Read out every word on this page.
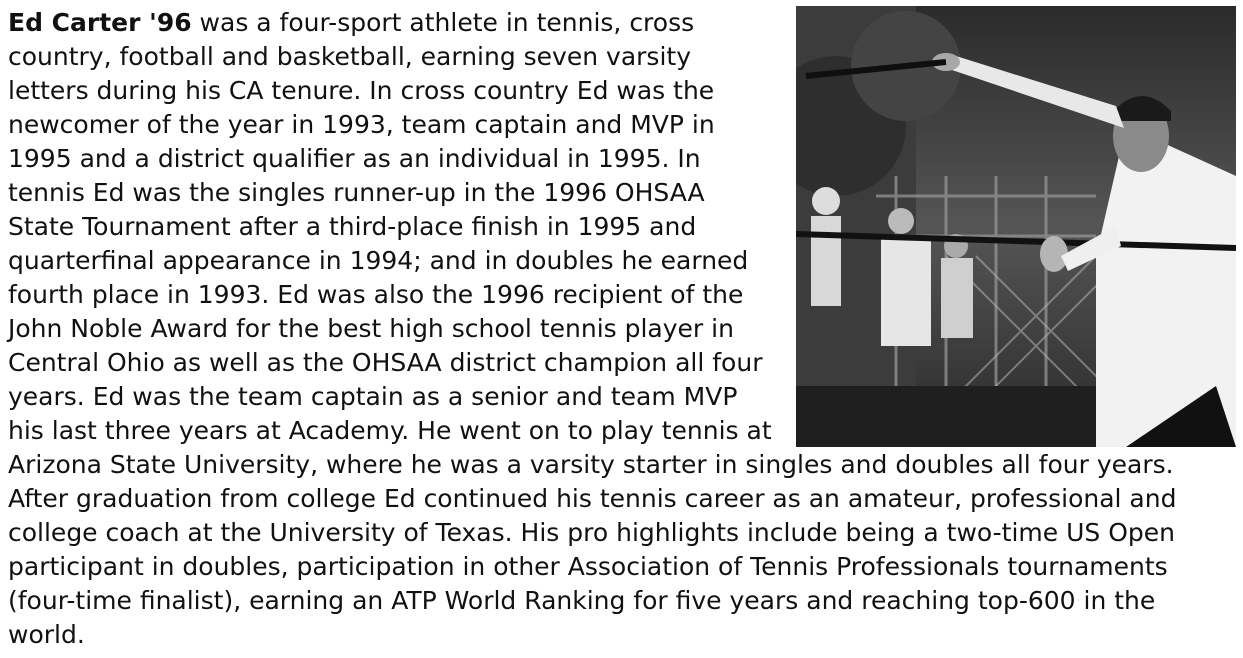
Ed Carter '96 was a four-sport athlete in tennis, cross country, football and basketball, earning seven varsity letters during his CA tenure. In cross country Ed was the newcomer of the year in 1993, team captain and MVP in 1995 and a district qualifier as an individual in 1995. In tennis Ed was the singles runner-up in the 1996 OHSAA State Tournament after a third-place finish in 1995 and quarterfinal appearance in 1994; and in doubles he earned fourth place in 1993. Ed was also the 1996 recipient of the John Noble Award for the best high school tennis player in Central Ohio as well as the OHSAA district champion all four years. Ed was the team captain as a senior and team MVP his last three years at Academy. He went on to play tennis at Arizona State University, where he was a varsity starter in singles and doubles all four years. After graduation from college Ed continued his tennis career as an amateur, professional and college coach at the University of Texas. His pro highlights include being a two-time US Open participant in doubles, participation in other Association of Tennis Professionals tournaments (four-time finalist), earning an ATP World Ranking for five years and reaching top-600 in the world.
